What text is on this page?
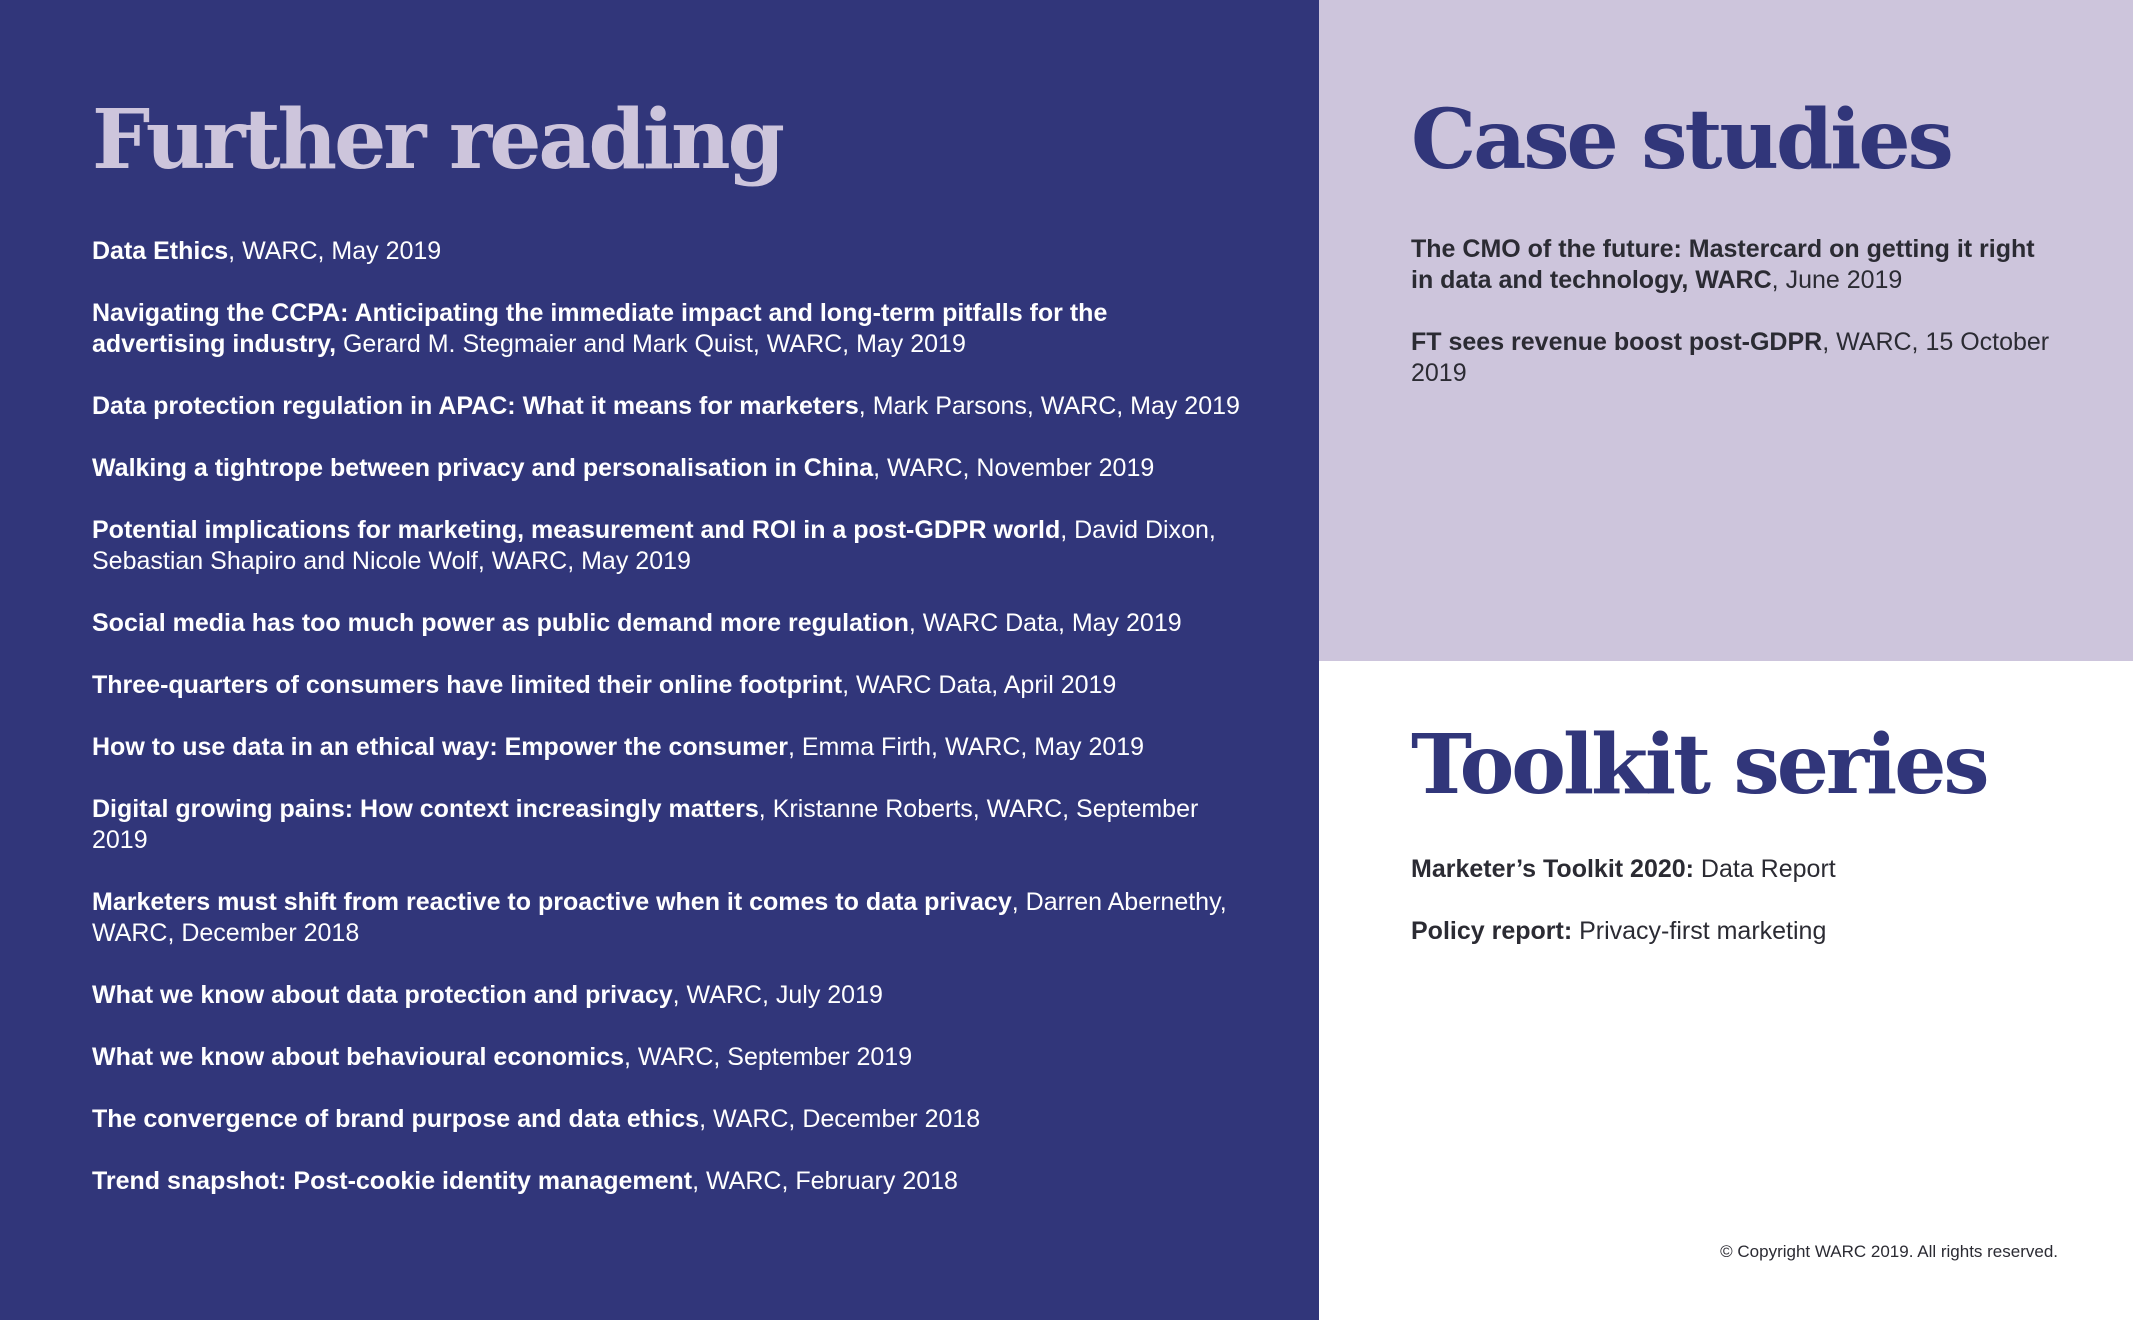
Further reading

Data Ethics, WARC, May 2019

Navigating the CCPA: Anticipating the immediate impact and long-term pitfalls for the advertising industry, Gerard M. Stegmaier and Mark Quist, WARC, May 2019

Data protection regulation in APAC: What it means for marketers, Mark Parsons, WARC, May 2019

Walking a tightrope between privacy and personalisation in China, WARC, November 2019

Potential implications for marketing, measurement and ROI in a post-GDPR world, David Dixon, Sebastian Shapiro and Nicole Wolf, WARC, May 2019

Social media has too much power as public demand more regulation, WARC Data, May 2019

Three-quarters of consumers have limited their online footprint, WARC Data, April 2019

How to use data in an ethical way: Empower the consumer, Emma Firth, WARC, May 2019

Digital growing pains: How context increasingly matters, Kristanne Roberts, WARC, September 2019

Marketers must shift from reactive to proactive when it comes to data privacy, Darren Abernethy, WARC, December 2018

What we know about data protection and privacy, WARC, July 2019

What we know about behavioural economics, WARC, September 2019

The convergence of brand purpose and data ethics, WARC, December 2018

Trend snapshot: Post-cookie identity management, WARC, February 2018

Case studies

The CMO of the future: Mastercard on getting it right in data and technology, WARC, June 2019

FT sees revenue boost post-GDPR, WARC, 15 October 2019

Toolkit series

Marketer’s Toolkit 2020: Data Report

Policy report: Privacy-first marketing

© Copyright WARC 2019. All rights reserved.
